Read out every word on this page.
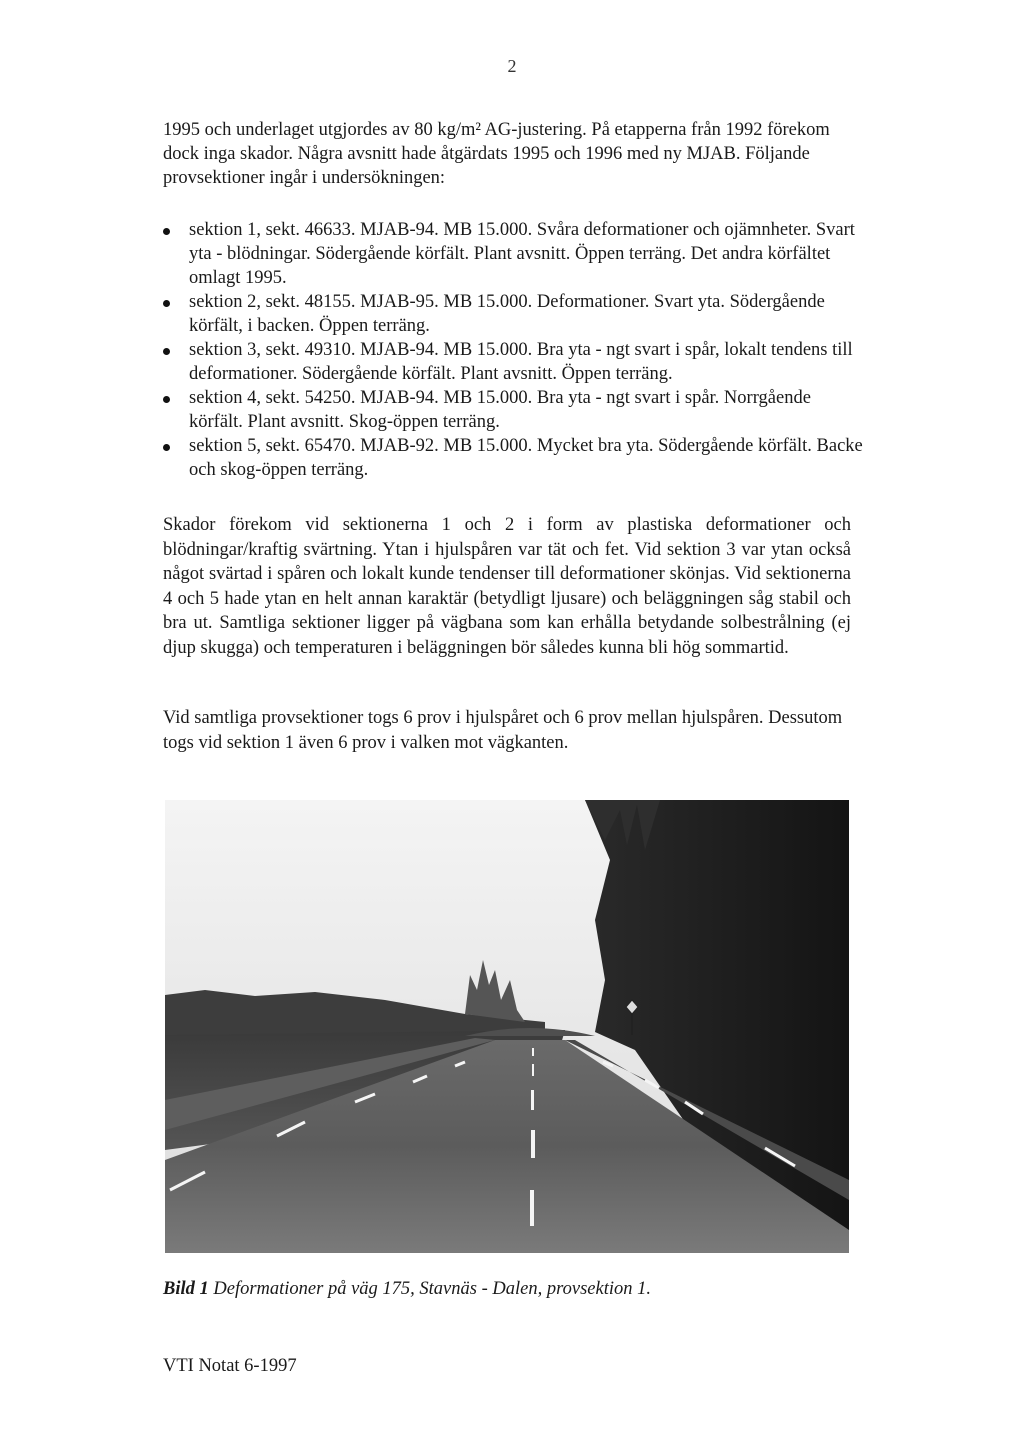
2

1995 och underlaget utgjordes av 80 kg/m² AG-justering. På etapperna från 1992 förekom dock inga skador. Några avsnitt hade åtgärdats 1995 och 1996 med ny MJAB. Följande provsektioner ingår i undersökningen:

sektion 1, sekt. 46633. MJAB-94. MB 15.000. Svåra deformationer och ojämnheter. Svart yta - blödningar. Södergående körfält. Plant avsnitt. Öppen terräng. Det andra körfältet omlagt 1995.
sektion 2, sekt. 48155. MJAB-95. MB 15.000. Deformationer. Svart yta. Södergående körfält, i backen. Öppen terräng.
sektion 3, sekt. 49310. MJAB-94. MB 15.000. Bra yta - ngt svart i spår, lokalt tendens till deformationer. Södergående körfält. Plant avsnitt. Öppen terräng.
sektion 4, sekt. 54250. MJAB-94. MB 15.000. Bra yta - ngt svart i spår. Norrgående körfält. Plant avsnitt. Skog-öppen terräng.
sektion 5, sekt. 65470. MJAB-92. MB 15.000. Mycket bra yta. Södergående körfält. Backe och skog-öppen terräng.

Skador förekom vid sektionerna 1 och 2 i form av plastiska deformationer och blödningar/kraftig svärtning. Ytan i hjulspåren var tät och fet. Vid sektion 3 var ytan också något svärtad i spåren och lokalt kunde tendenser till deformationer skönjas. Vid sektionerna 4 och 5 hade ytan en helt annan karaktär (betydligt ljusare) och beläggningen såg stabil och bra ut. Samtliga sektioner ligger på vägbana som kan erhålla betydande solbestrålning (ej djup skugga) och temperaturen i beläggningen bör således kunna bli hög sommartid.

Vid samtliga provsektioner togs 6 prov i hjulspåret och 6 prov mellan hjulspåren. Dessutom togs vid sektion 1 även 6 prov i valken mot vägkanten.

Bild 1 Deformationer på väg 175, Stavnäs - Dalen, provsektion 1.

VTI Notat 6-1997
